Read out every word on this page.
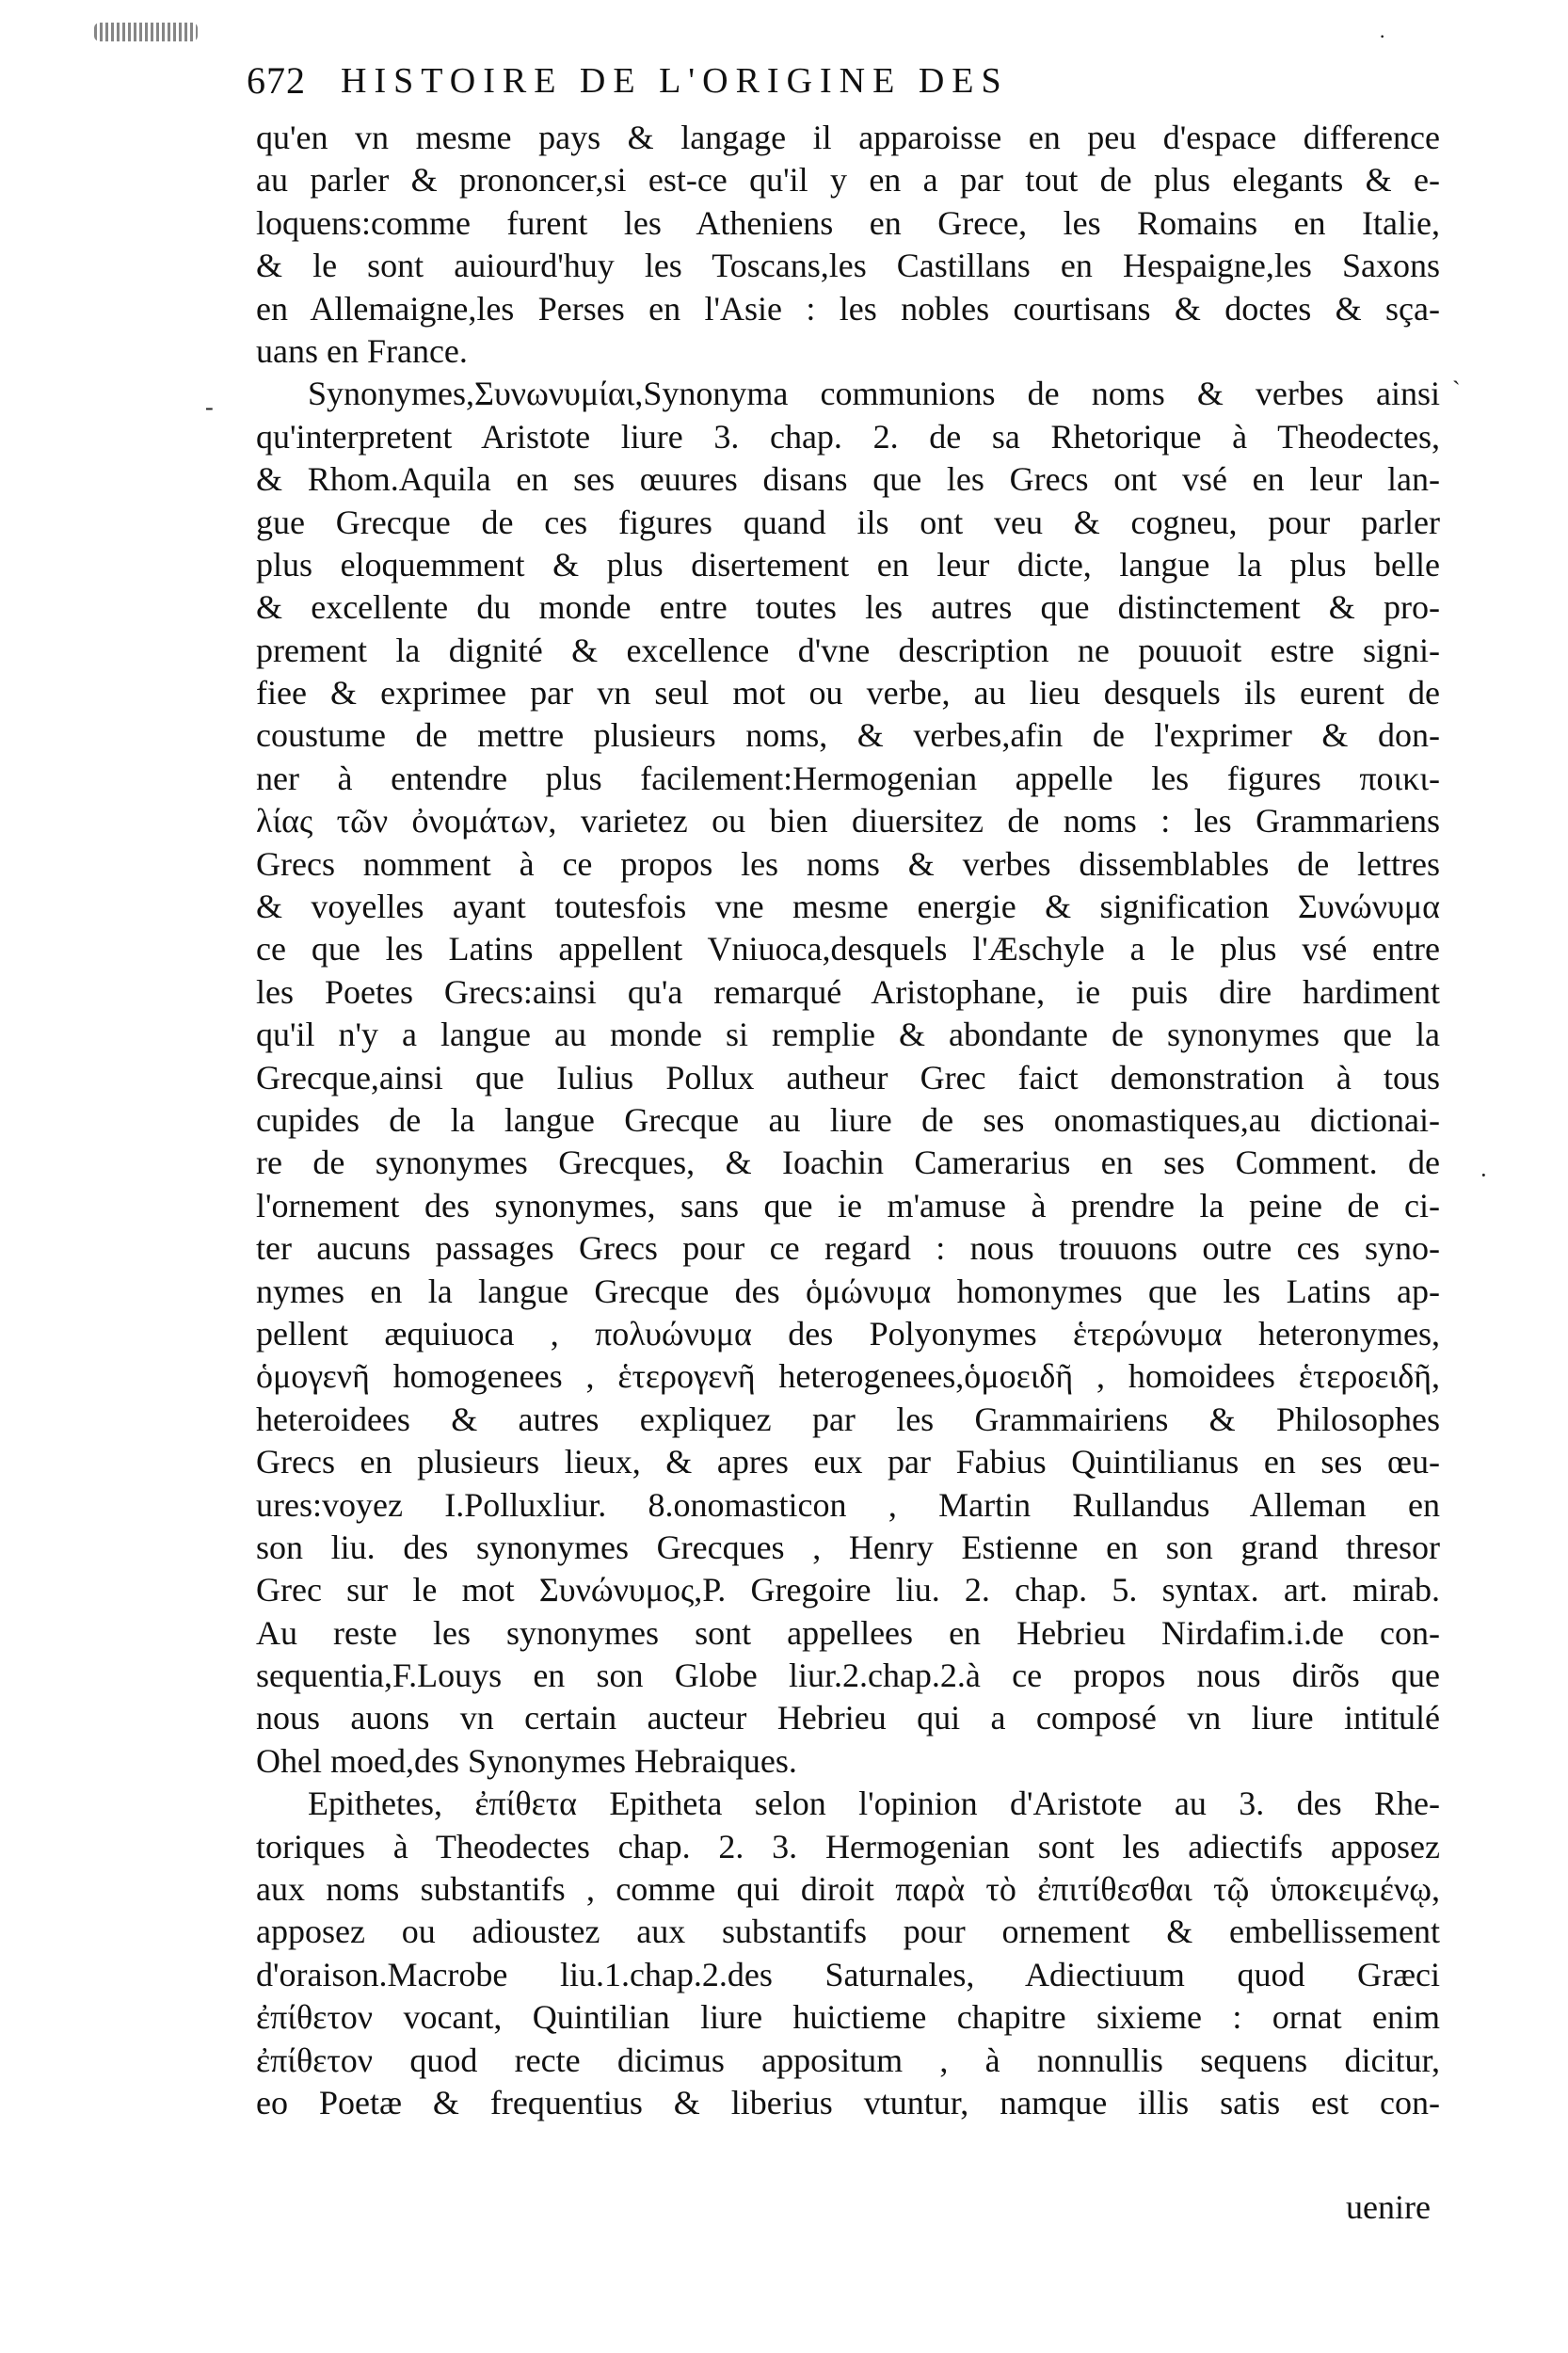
672 HISTOIRE DE L'ORIGINE DES
·
-
`
·
qu'en vn mesme pays & langage il apparoisse en peu d'espace difference
au parler & prononcer,si est-ce qu'il y en a par tout de plus elegants & e-
loquens:comme furent les Atheniens en Grece, les Romains en Italie,
& le sont auiourd'huy les Toscans,les Castillans en Hespaigne,les Saxons
en Allemaigne,les Perses en l'Asie : les nobles courtisans & doctes & sça-
uans en France.
Synonymes,Συνωνυμίαι,Synonyma communions de noms & verbes ainsi
qu'interpretent Aristote liure 3. chap. 2. de sa Rhetorique à Theodectes,
& Rhom.Aquila en ses œuures disans que les Grecs ont vsé en leur lan-
gue Grecque de ces figures quand ils ont veu & cogneu, pour parler
plus eloquemment & plus disertement en leur dicte, langue la plus belle
& excellente du monde entre toutes les autres que distinctement & pro-
prement la dignité & excellence d'vne description ne pouuoit estre signi-
fiee & exprimee par vn seul mot ou verbe, au lieu desquels ils eurent de
coustume de mettre plusieurs noms, & verbes,afin de l'exprimer & don-
ner à entendre plus facilement:Hermogenian appelle les figures ποικι-
λίας τῶν ὀνομάτων, varietez ou bien diuersitez de noms : les Grammariens
Grecs nomment à ce propos les noms & verbes dissemblables de lettres
& voyelles ayant toutesfois vne mesme energie & signification Συνώνυμα
ce que les Latins appellent Vniuoca,desquels l'Æschyle a le plus vsé entre
les Poetes Grecs:ainsi qu'a remarqué Aristophane, ie puis dire hardiment
qu'il n'y a langue au monde si remplie & abondante de synonymes que la
Grecque,ainsi que Iulius Pollux autheur Grec faict demonstration à tous
cupides de la langue Grecque au liure de ses onomastiques,au dictionai-
re de synonymes Grecques, & Ioachin Camerarius en ses Comment. de
l'ornement des synonymes, sans que ie m'amuse à prendre la peine de ci-
ter aucuns passages Grecs pour ce regard : nous trouuons outre ces syno-
nymes en la langue Grecque des ὁμώνυμα homonymes que les Latins ap-
pellent æquiuoca , πολυώνυμα des Polyonymes ἑτερώνυμα heteronymes,
ὁμογενῆ homogenees , ἑτερογενῆ heterogenees,ὁμοειδῆ , homoidees ἑτεροειδῆ,
heteroidees & autres expliquez par les Grammairiens & Philosophes
Grecs en plusieurs lieux, & apres eux par Fabius Quintilianus en ses œu-
ures:voyez I.Polluxliur. 8.onomasticon , Martin Rullandus Alleman en
son liu. des synonymes Grecques , Henry Estienne en son grand thresor
Grec sur le mot Συνώνυμος,P. Gregoire liu. 2. chap. 5. syntax. art. mirab.
Au reste les synonymes sont appellees en Hebrieu Nirdafim.i.de con-
sequentia,F.Louys en son Globe liur.2.chap.2.à ce propos nous dirõs que
nous auons vn certain aucteur Hebrieu qui a composé vn liure intitulé
Ohel moed,des Synonymes Hebraiques.
Epithetes, ἐπίθετα Epitheta selon l'opinion d'Aristote au 3. des Rhe-
toriques à Theodectes chap. 2. 3. Hermogenian sont les adiectifs apposez
aux noms substantifs , comme qui diroit παρὰ τὸ ἐπιτίθεσθαι τῷ ὑποκειμένῳ,
apposez ou adioustez aux substantifs pour ornement & embellissement
d'oraison.Macrobe liu.1.chap.2.des Saturnales, Adiectiuum quod Græci
ἐπίθετον vocant, Quintilian liure huictieme chapitre sixieme : ornat enim
ἐπίθετον quod recte dicimus appositum , à nonnullis sequens dicitur,
eo Poetæ & frequentius & liberius vtuntur, namque illis satis est con-
uenire
